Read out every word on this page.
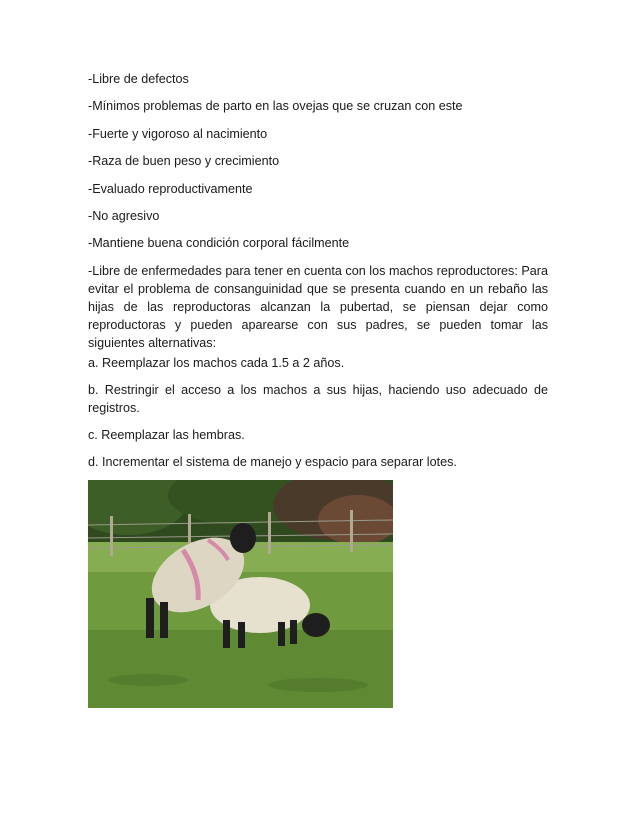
-Libre de defectos

-Mínimos problemas de parto en las ovejas que se cruzan con este

-Fuerte y vigoroso al nacimiento

-Raza de buen peso y crecimiento

-Evaluado reproductivamente

-No agresivo

-Mantiene buena condición corporal fácilmente

-Libre de enfermedades para tener en cuenta con los machos reproductores: Para evitar el problema de consanguinidad que se presenta cuando en un rebaño las hijas de las reproductoras alcanzan la pubertad, se piensan dejar como reproductoras y pueden aparearse con sus padres, se pueden tomar las siguientes alternativas:

a. Reemplazar los machos cada 1.5 a 2 años.

b. Restringir el acceso a los machos a sus hijas, haciendo uso adecuado de registros.

c. Reemplazar las hembras.

d. Incrementar el sistema de manejo y espacio para separar lotes.
